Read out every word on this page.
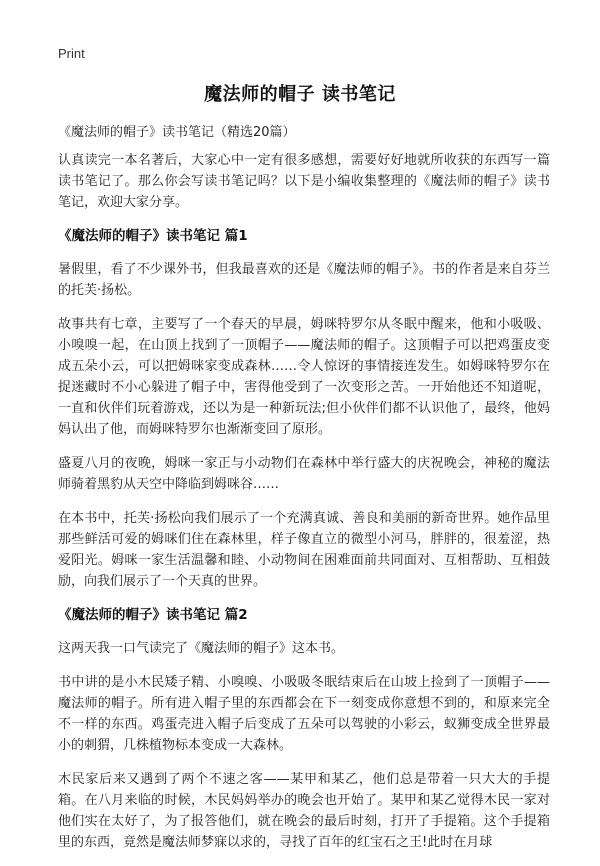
Print
魔法师的帽子 读书笔记
《魔法师的帽子》读书笔记（精选20篇）

认真读完一本名著后，大家心中一定有很多感想，需要好好地就所收获的东西写一篇读书笔记了。那么你会写读书笔记吗？以下是小编收集整理的《魔法师的帽子》读书笔记，欢迎大家分享。

《魔法师的帽子》读书笔记 篇1

暑假里，看了不少课外书，但我最喜欢的还是《魔法师的帽子》。书的作者是来自芬兰的托芙·扬松。

故事共有七章，主要写了一个春天的早晨，姆咪特罗尔从冬眠中醒来，他和小吸吸、小嗅嗅一起，在山顶上找到了一顶帽子——魔法师的帽子。这顶帽子可以把鸡蛋皮变成五朵小云，可以把姆咪家变成森林……令人惊讶的事情接连发生。如姆咪特罗尔在捉迷藏时不小心躲进了帽子中，害得他受到了一次变形之苦。一开始他还不知道呢，一直和伙伴们玩着游戏，还以为是一种新玩法;但小伙伴们都不认识他了，最终，他妈妈认出了他，而姆咪特罗尔也渐渐变回了原形。

盛夏八月的夜晚，姆咪一家正与小动物们在森林中举行盛大的庆祝晚会，神秘的魔法师骑着黑豹从天空中降临到姆咪谷……

在本书中，托芙·扬松向我们展示了一个充满真诚、善良和美丽的新奇世界。她作品里那些鲜活可爱的姆咪们住在森林里，样子像直立的微型小河马，胖胖的，很羞涩，热爱阳光。姆咪一家生活温馨和睦、小动物间在困难面前共同面对、互相帮助、互相鼓励，向我们展示了一个天真的世界。

《魔法师的帽子》读书笔记 篇2

这两天我一口气读完了《魔法师的帽子》这本书。

书中讲的是小木民矮子精、小嗅嗅、小吸吸冬眠结束后在山坡上捡到了一顶帽子——魔法师的帽子。所有进入帽子里的东西都会在下一刻变成你意想不到的，和原来完全不一样的东西。鸡蛋壳进入帽子后变成了五朵可以驾驶的小彩云，蚁狮变成全世界最小的刺猬，几株植物标本变成一大森林。

木民家后来又遇到了两个不速之客——某甲和某乙，他们总是带着一只大大的手提箱。在八月来临的时候，木民妈妈举办的晚会也开始了。某甲和某乙觉得木民一家对他们实在太好了，为了报答他们，就在晚会的最后时刻，打开了手提箱。这个手提箱里的东西，竟然是魔法师梦寐以求的，寻找了百年的红宝石之王!此时在月球
